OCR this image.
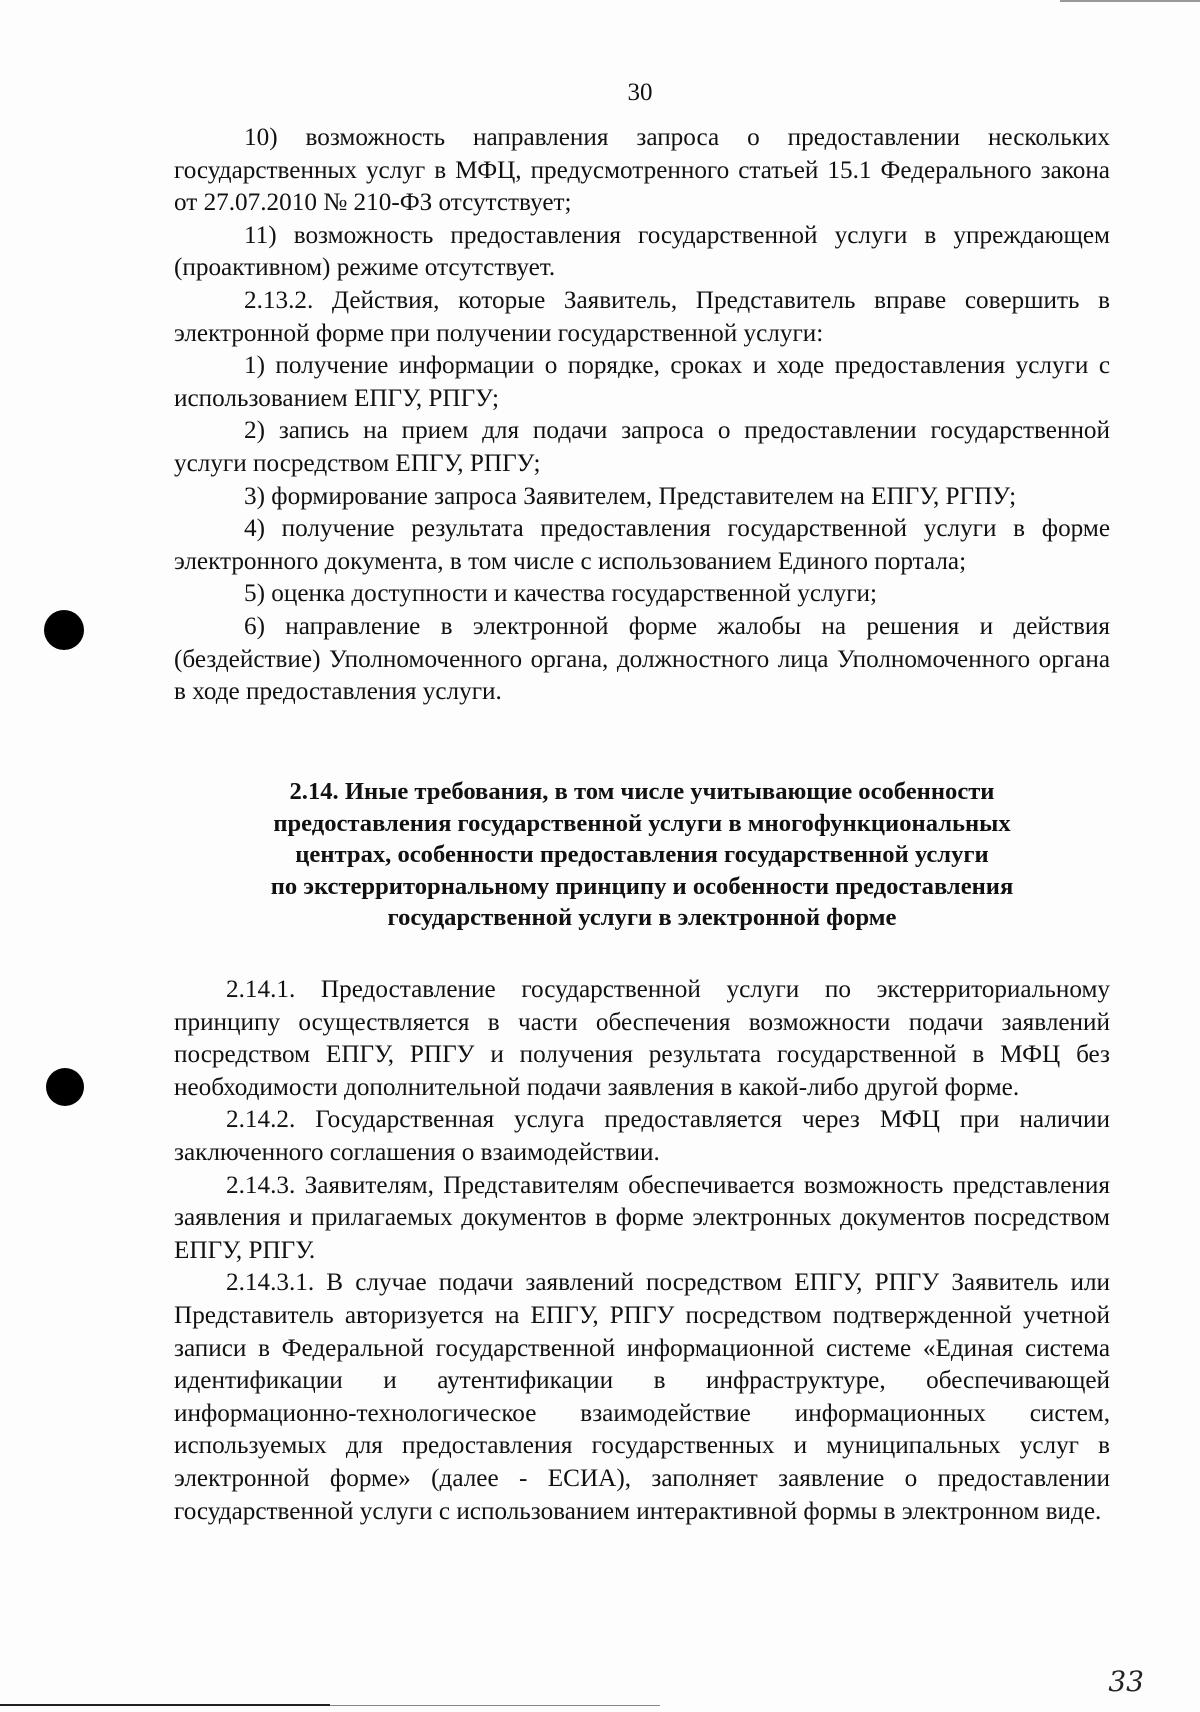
30

10) возможность направления запроса о предоставлении нескольких государственных услуг в МФЦ, предусмотренного статьей 15.1 Федерального закона от 27.07.2010 № 210-ФЗ отсутствует;

11) возможность предоставления государственной услуги в упреждающем (проактивном) режиме отсутствует.

2.13.2. Действия, которые Заявитель, Представитель вправе совершить в электронной форме при получении государственной услуги:

1) получение информации о порядке, сроках и ходе предоставления услуги с использованием ЕПГУ, РПГУ;

2) запись на прием для подачи запроса о предоставлении государственной услуги посредством ЕПГУ, РПГУ;

3) формирование запроса Заявителем, Представителем на ЕПГУ, РГПУ;

4) получение результата предоставления государственной услуги в форме электронного документа, в том числе с использованием Единого портала;

5) оценка доступности и качества государственной услуги;

6) направление в электронной форме жалобы на решения и действия (бездействие) Уполномоченного органа, должностного лица Уполномоченного органа в ходе предоставления услуги.

2.14. Иные требования, в том числе учитывающие особенности
предоставления государственной услуги в многофункциональных
центрах, особенности предоставления государственной услуги
по экстерриторнальному принципу и особенности предоставления
государственной услуги в электронной форме

2.14.1. Предоставление государственной услуги по экстерриториальному принципу осуществляется в части обеспечения возможности подачи заявлений посредством ЕПГУ, РПГУ и получения результата государственной в МФЦ без необходимости дополнительной подачи заявления в какой-либо другой форме.

2.14.2. Государственная услуга предоставляется через МФЦ при наличии заключенного соглашения о взаимодействии.

2.14.3. Заявителям, Представителям обеспечивается возможность представления заявления и прилагаемых документов в форме электронных документов посредством ЕПГУ, РПГУ.

2.14.3.1. В случае подачи заявлений посредством ЕПГУ, РПГУ Заявитель или Представитель авторизуется на ЕПГУ, РПГУ посредством подтвержденной учетной записи в Федеральной государственной информационной системе «Единая система идентификации и аутентификации в инфраструктуре, обеспечивающей информационно-технологическое взаимодействие информационных систем, используемых для предоставления государственных и муниципальных услуг в электронной форме» (далее - ЕСИА), заполняет заявление о предоставлении государственной услуги с использованием интерактивной формы в электронном виде.

33
